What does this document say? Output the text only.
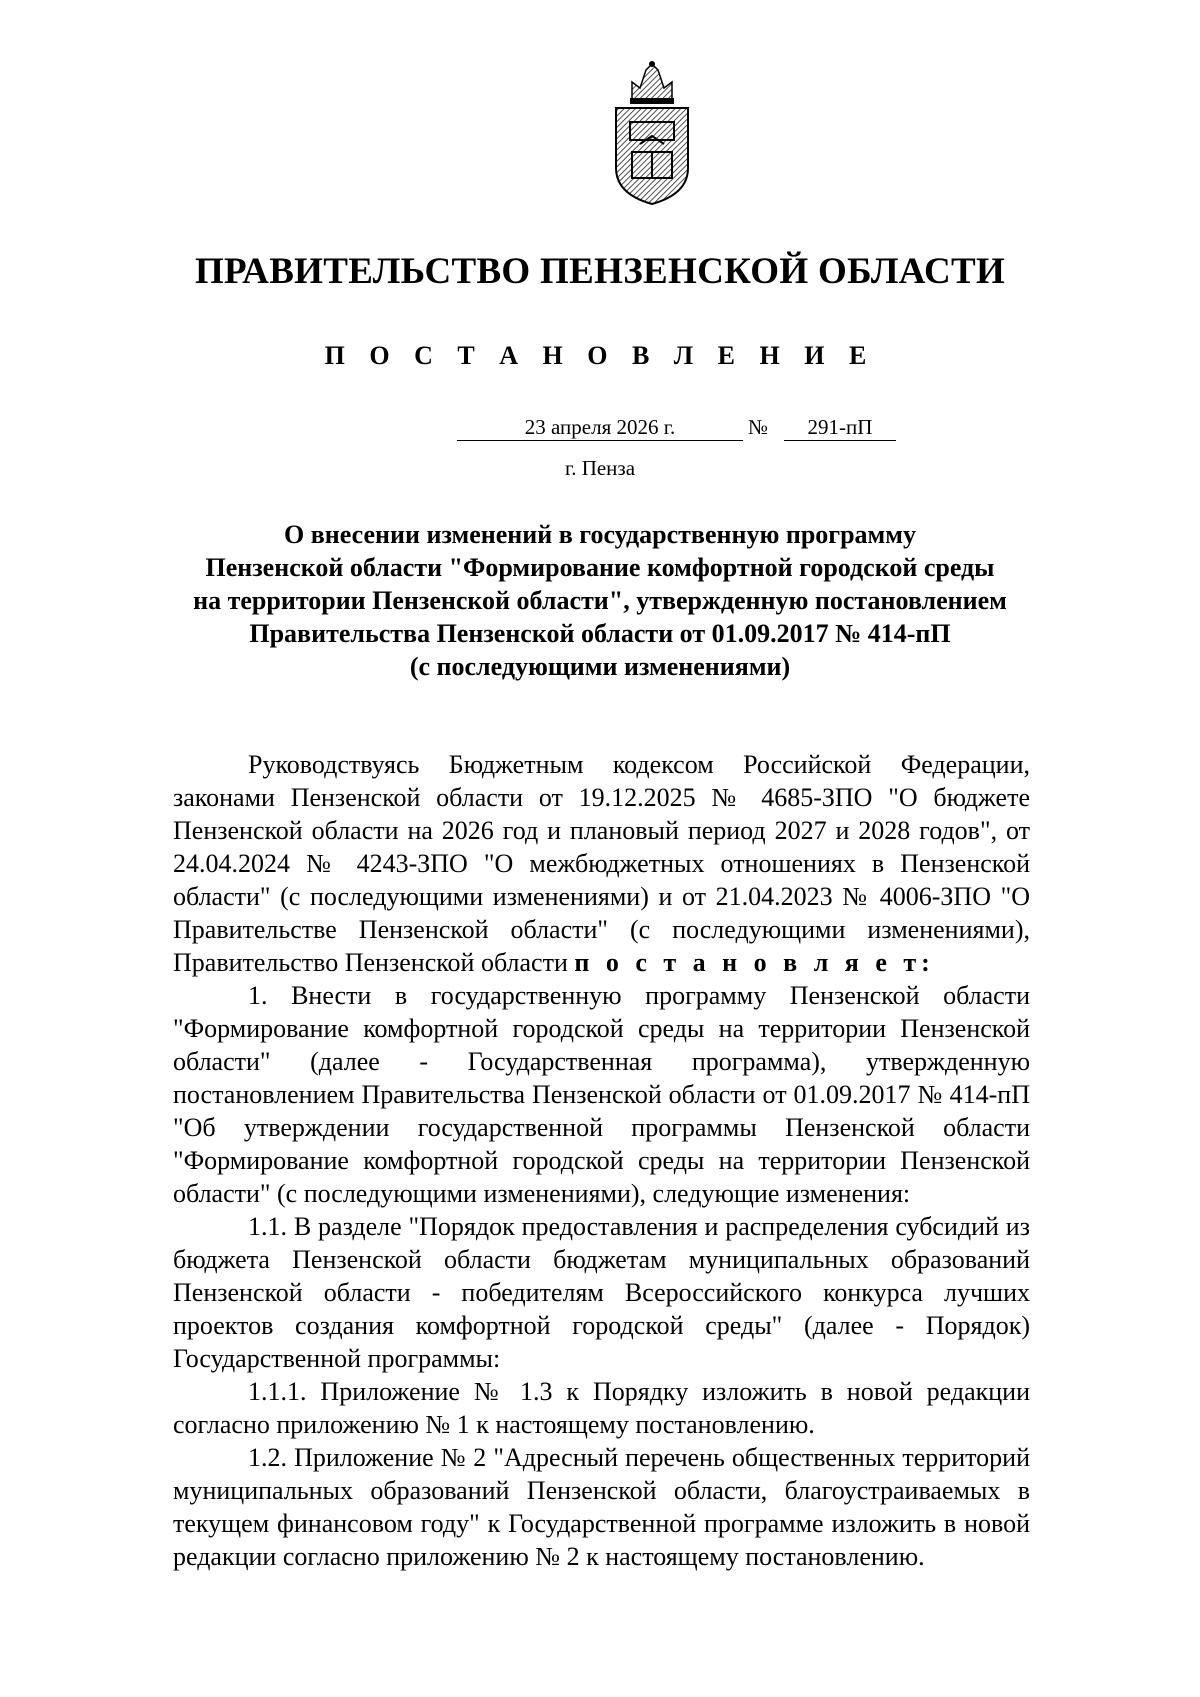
ПРАВИТЕЛЬСТВО ПЕНЗЕНСКОЙ ОБЛАСТИ
П О С Т А Н О В Л Е Н И Е
23 апреля 2026 г.	№	291-пП
г. Пенза
О внесении изменений в государственную программу
Пензенской области "Формирование комфортной городской среды
на территории Пензенской области", утвержденную постановлением
Правительства Пензенской области от 01.09.2017 № 414-пП
(с последующими изменениями)

Руководствуясь Бюджетным кодексом Российской Федерации, законами Пензенской области от 19.12.2025 № 4685-ЗПО "О бюджете Пензенской области на 2026 год и плановый период 2027 и 2028 годов", от 24.04.2024 № 4243-ЗПО "О межбюджетных отношениях в Пензенской области" (с последующими изменениями) и от 21.04.2023 № 4006-ЗПО "О Правительстве Пензенской области" (с последующими изменениями), Правительство Пензенской области п о с т а н о в л я е т:

1. Внести в государственную программу Пензенской области "Формирование комфортной городской среды на территории Пензенской области" (далее - Государственная программа), утвержденную постановлением Правительства Пензенской области от 01.09.2017 № 414-пП "Об утверждении государственной программы Пензенской области "Формирование комфортной городской среды на территории Пензенской области" (с последующими изменениями), следующие изменения:

1.1. В разделе "Порядок предоставления и распределения субсидий из бюджета Пензенской области бюджетам муниципальных образований Пензенской области - победителям Всероссийского конкурса лучших проектов создания комфортной городской среды" (далее - Порядок) Государственной программы:

1.1.1. Приложение № 1.3 к Порядку изложить в новой редакции согласно приложению № 1 к настоящему постановлению.

1.2. Приложение № 2 "Адресный перечень общественных территорий муниципальных образований Пензенской области, благоустраиваемых в текущем финансовом году" к Государственной программе изложить в новой редакции согласно приложению № 2 к настоящему постановлению.
